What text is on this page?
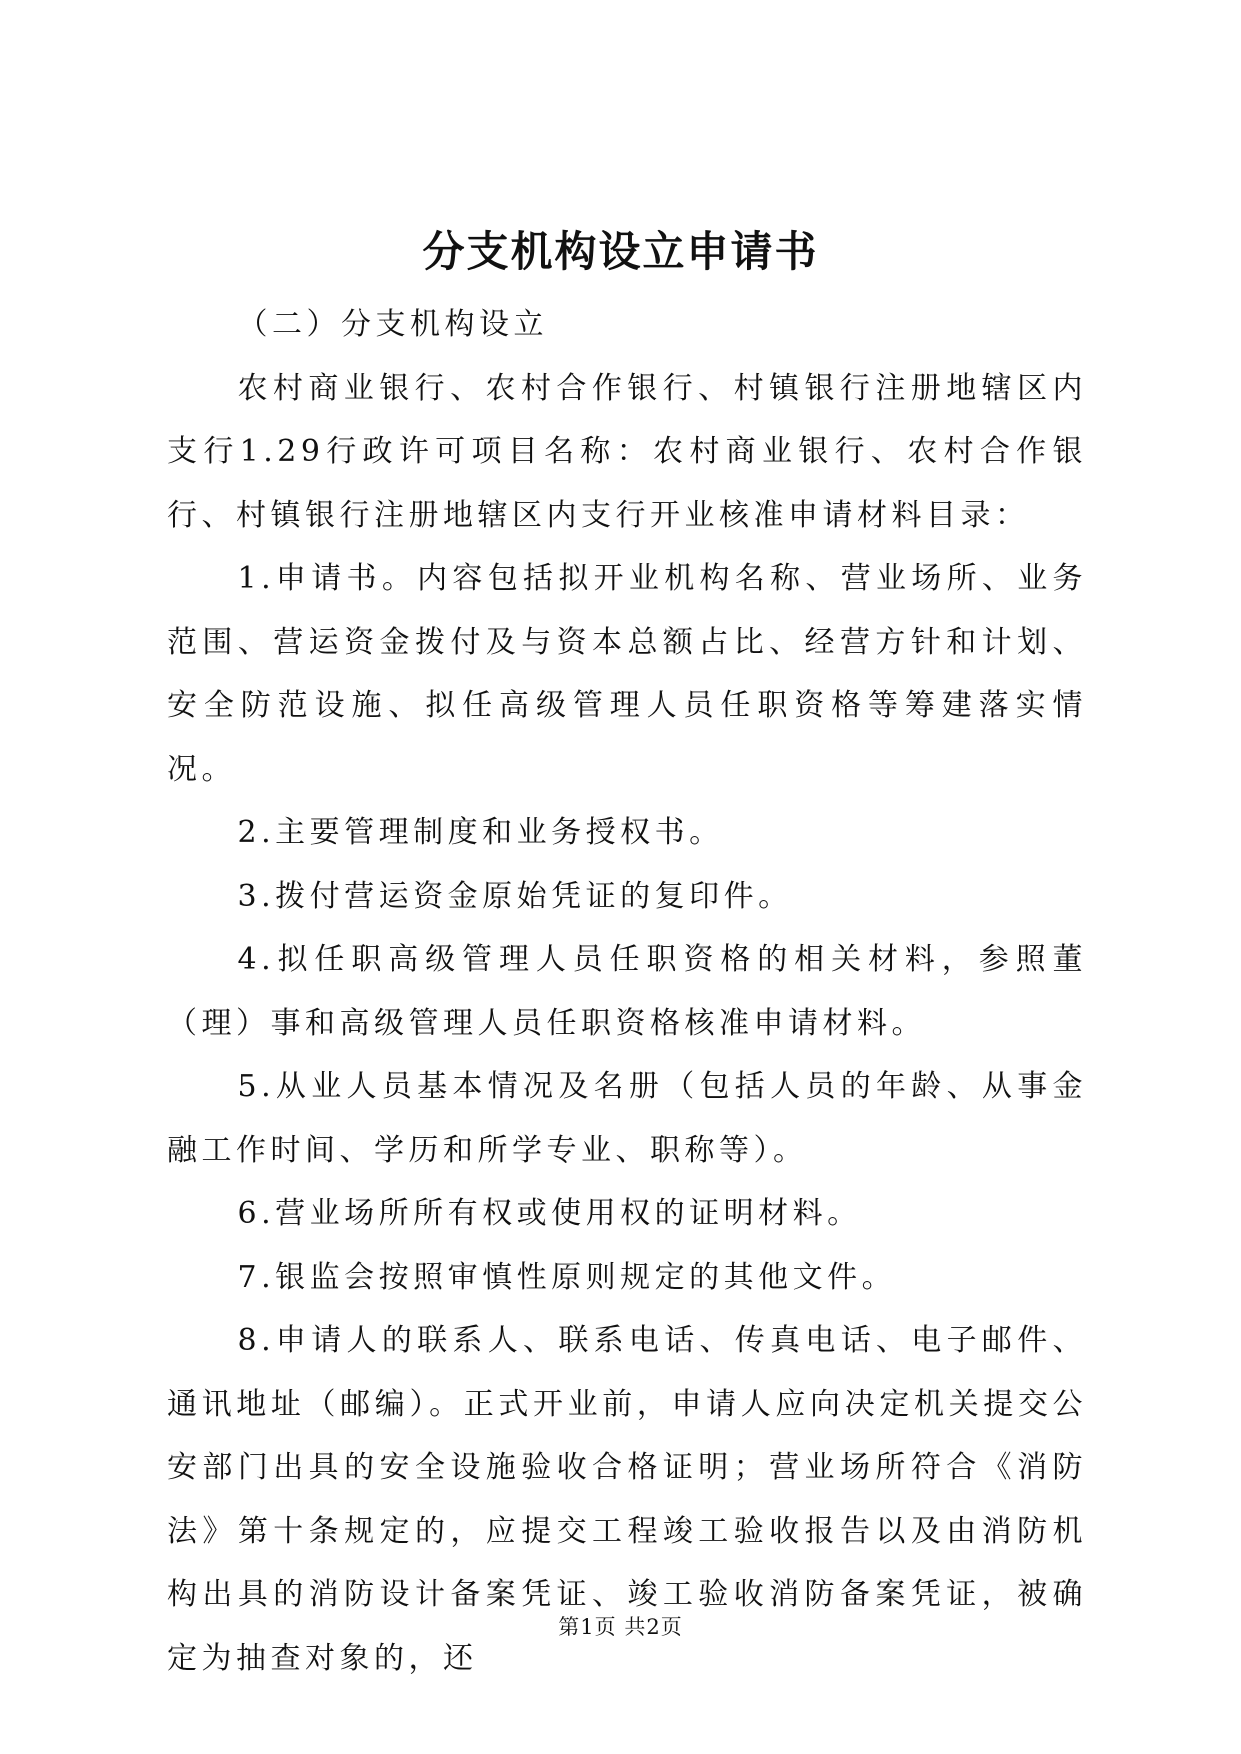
分支机构设立申请书

（二）分支机构设立

农村商业银行、农村合作银行、村镇银行注册地辖区内支行1.29行政许可项目名称：农村商业银行、农村合作银行、村镇银行注册地辖区内支行开业核准申请材料目录：

1.申请书。内容包括拟开业机构名称、营业场所、业务范围、营运资金拨付及与资本总额占比、经营方针和计划、安全防范设施、拟任高级管理人员任职资格等筹建落实情况。

2.主要管理制度和业务授权书。

3.拨付营运资金原始凭证的复印件。

4.拟任职高级管理人员任职资格的相关材料，参照董（理）事和高级管理人员任职资格核准申请材料。

5.从业人员基本情况及名册（包括人员的年龄、从事金融工作时间、学历和所学专业、职称等）。

6.营业场所所有权或使用权的证明材料。

7.银监会按照审慎性原则规定的其他文件。

8.申请人的联系人、联系电话、传真电话、电子邮件、通讯地址（邮编）。正式开业前，申请人应向决定机关提交公安部门出具的安全设施验收合格证明；营业场所符合《消防法》第十条规定的，应提交工程竣工验收报告以及由消防机构出具的消防设计备案凭证、竣工验收消防备案凭证，被确定为抽查对象的，还

第1页 共2页
